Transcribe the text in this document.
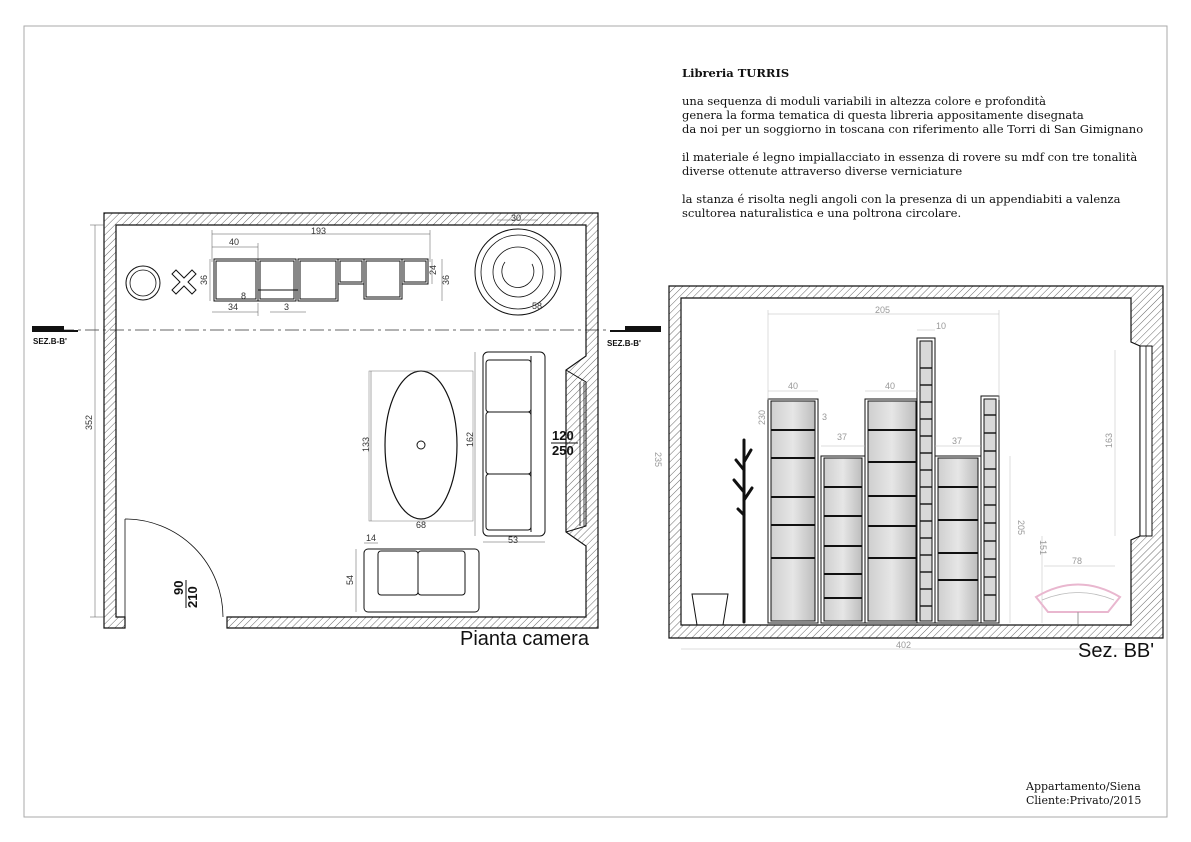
SEZ.B-B'	SEZ.B-B'
193
40
36
24
36
8
34	3
30
58
352
133
68
162
53
120
250
14
54
90 210
205
10
40
3
230
37
40
37
205
235
163
151
78
402
Libreria TURRIS

una sequenza di moduli variabili in altezza colore e profondità
genera la forma tematica di questa libreria appositamente disegnata
da noi per un soggiorno in toscana con riferimento alle Torri di San Gimignano

il materiale é legno impiallacciato in essenza di rovere su mdf con tre tonalità
diverse ottenute attraverso diverse verniciature

la stanza é risolta negli angoli con la presenza di un appendiabiti a valenza
scultorea naturalistica e una poltrona circolare.

Pianta camera
Sez. BB'
Appartamento/Siena
Cliente:Privato/2015
